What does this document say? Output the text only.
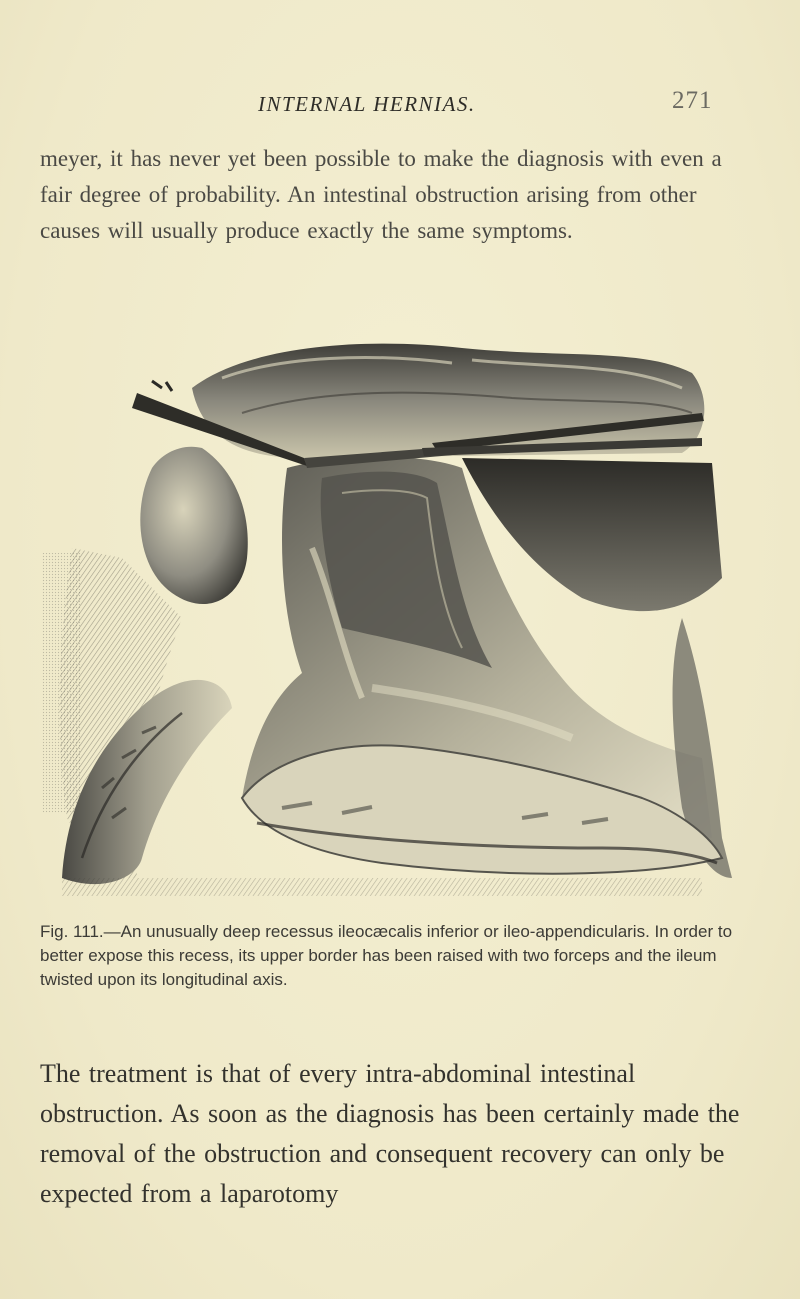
INTERNAL HERNIAS.	271

meyer, it has never yet been possible to make the diagnosis with even a fair degree of probability. An intestinal obstruction arising from other causes will usually produce exactly the same symptoms.

Fig. 111.—An unusually deep recessus ileocæcalis inferior or ileo-appendicularis. In order to better expose this recess, its upper border has been raised with two forceps and the ileum twisted upon its longitudinal axis.

The treatment is that of every intra-abdominal intestinal obstruction. As soon as the diagnosis has been certainly made the removal of the obstruction and consequent recovery can only be expected from a laparotomy
